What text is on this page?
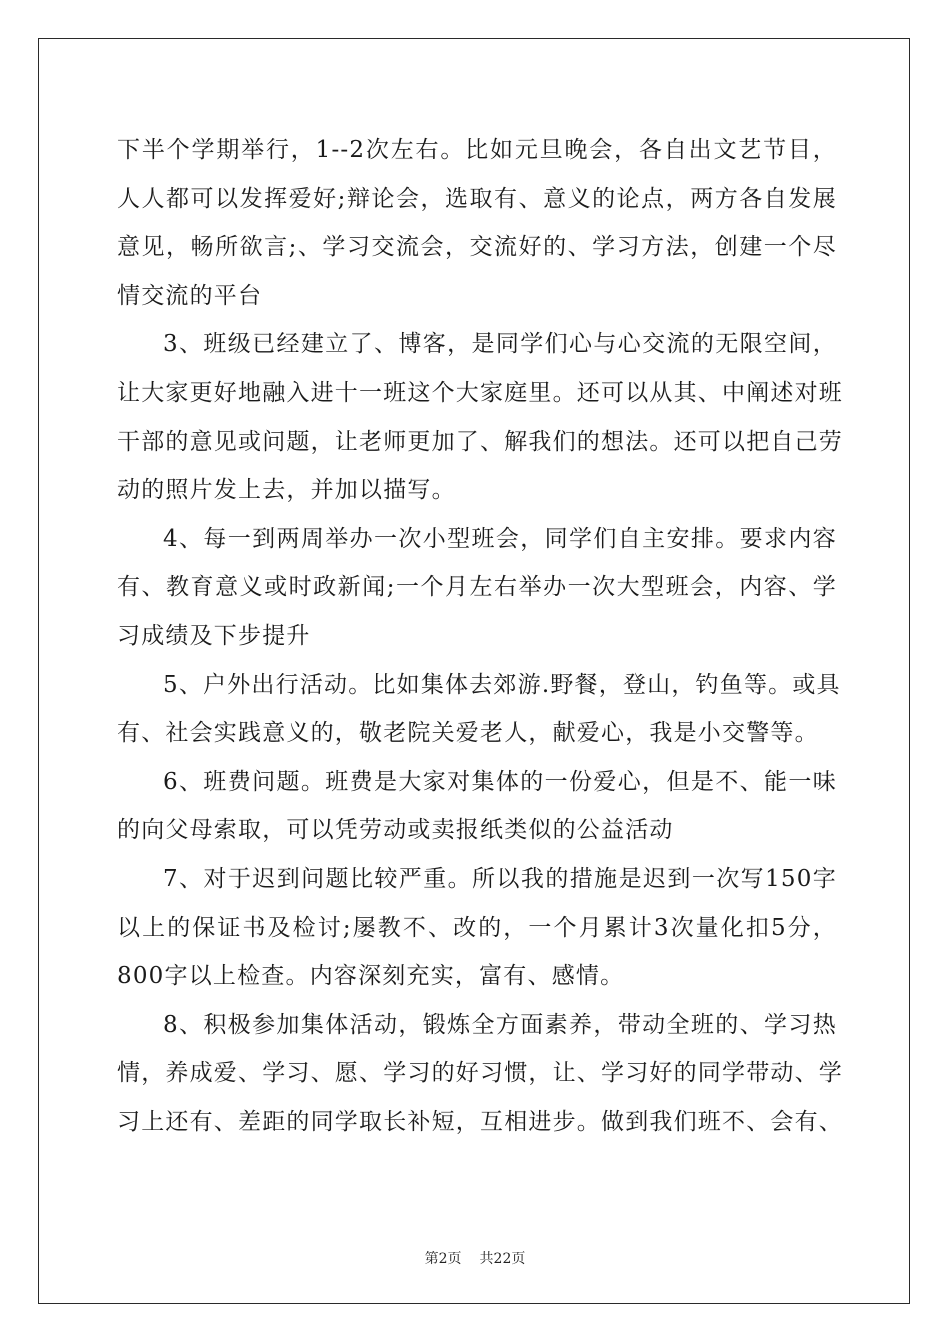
下半个学期举行，1--2次左右。比如元旦晚会，各自出文艺节目，
人人都可以发挥爱好;辩论会，选取有、意义的论点，两方各自发展
意见，畅所欲言;、学习交流会，交流好的、学习方法，创建一个尽
情交流的平台
3、班级已经建立了、博客，是同学们心与心交流的无限空间，
让大家更好地融入进十一班这个大家庭里。还可以从其、中阐述对班
干部的意见或问题，让老师更加了、解我们的想法。还可以把自己劳
动的照片发上去，并加以描写。
4、每一到两周举办一次小型班会，同学们自主安排。要求内容
有、教育意义或时政新闻;一个月左右举办一次大型班会，内容、学
习成绩及下步提升
5、户外出行活动。比如集体去郊游.野餐，登山，钓鱼等。或具
有、社会实践意义的，敬老院关爱老人，献爱心，我是小交警等。
6、班费问题。班费是大家对集体的一份爱心，但是不、能一味
的向父母索取，可以凭劳动或卖报纸类似的公益活动
7、对于迟到问题比较严重。所以我的措施是迟到一次写150字
以上的保证书及检讨;屡教不、改的，一个月累计3次量化扣5分，
800字以上检查。内容深刻充实，富有、感情。
8、积极参加集体活动，锻炼全方面素养，带动全班的、学习热
情，养成爱、学习、愿、学习的好习惯，让、学习好的同学带动、学
习上还有、差距的同学取长补短，互相进步。做到我们班不、会有、
第2页 共22页
